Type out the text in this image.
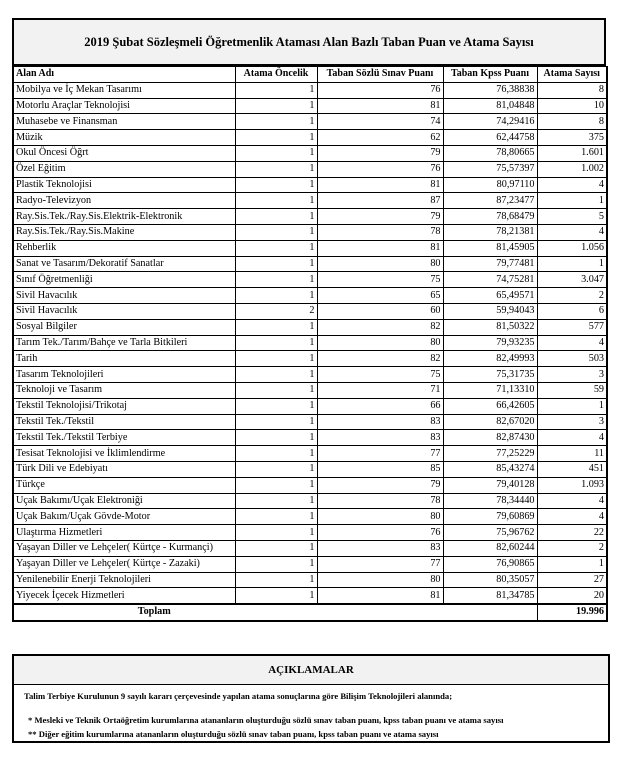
2019 Şubat Sözleşmeli Öğretmenlik Ataması Alan Bazlı Taban Puan ve Atama Sayısı
Alan Adı	Atama Öncelik	Taban Sözlü Sınav Puanı	Taban Kpss Puanı	Atama Sayısı
Mobilya ve İç Mekan Tasarımı	1	76	76,38838	8
Motorlu Araçlar Teknolojisi	1	81	81,04848	10
Muhasebe ve Finansman	1	74	74,29416	8
Müzik	1	62	62,44758	375
Okul Öncesi Öğrt	1	79	78,80665	1.601
Özel Eğitim	1	76	75,57397	1.002
Plastik Teknolojisi	1	81	80,97110	4
Radyo-Televizyon	1	87	87,23477	1
Ray.Sis.Tek./Ray.Sis.Elektrik-Elektronik	1	79	78,68479	5
Ray.Sis.Tek./Ray.Sis.Makine	1	78	78,21381	4
Rehberlik	1	81	81,45905	1.056
Sanat ve Tasarım/Dekoratif Sanatlar	1	80	79,77481	1
Sınıf Öğretmenliği	1	75	74,75281	3.047
Sivil Havacılık	1	65	65,49571	2
Sivil Havacılık	2	60	59,94043	6
Sosyal Bilgiler	1	82	81,50322	577
Tarım Tek./Tarım/Bahçe ve Tarla Bitkileri	1	80	79,93235	4
Tarih	1	82	82,49993	503
Tasarım Teknolojileri	1	75	75,31735	3
Teknoloji ve Tasarım	1	71	71,13310	59
Tekstil Teknolojisi/Trikotaj	1	66	66,42605	1
Tekstil Tek./Tekstil	1	83	82,67020	3
Tekstil Tek./Tekstil Terbiye	1	83	82,87430	4
Tesisat Teknolojisi ve İklimlendirme	1	77	77,25229	11
Türk Dili ve Edebiyatı	1	85	85,43274	451
Türkçe	1	79	79,40128	1.093
Uçak Bakımı/Uçak Elektroniği	1	78	78,34440	4
Uçak Bakım/Uçak Gövde-Motor	1	80	79,60869	4
Ulaştırma Hizmetleri	1	76	75,96762	22
Yaşayan Diller ve Lehçeler( Kürtçe - Kurmançi)	1	83	82,60244	2
Yaşayan Diller ve Lehçeler( Kürtçe - Zazaki)	1	77	76,90865	1
Yenilenebilir Enerji Teknolojileri	1	80	80,35057	27
Yiyecek İçecek Hizmetleri	1	81	81,34785	20
Toplam				19.996
AÇIKLAMALAR
Talim Terbiye Kurulunun 9 sayılı kararı çerçevesinde yapılan atama sonuçlarına göre Bilişim Teknolojileri alanında;
* Mesleki ve Teknik Ortaöğretim kurumlarına atananların oluşturduğu sözlü sınav taban puanı, kpss taban puanı ve atama sayısı
** Diğer eğitim kurumlarına atananların oluşturduğu sözlü sınav taban puanı, kpss taban puanı ve atama sayısı
